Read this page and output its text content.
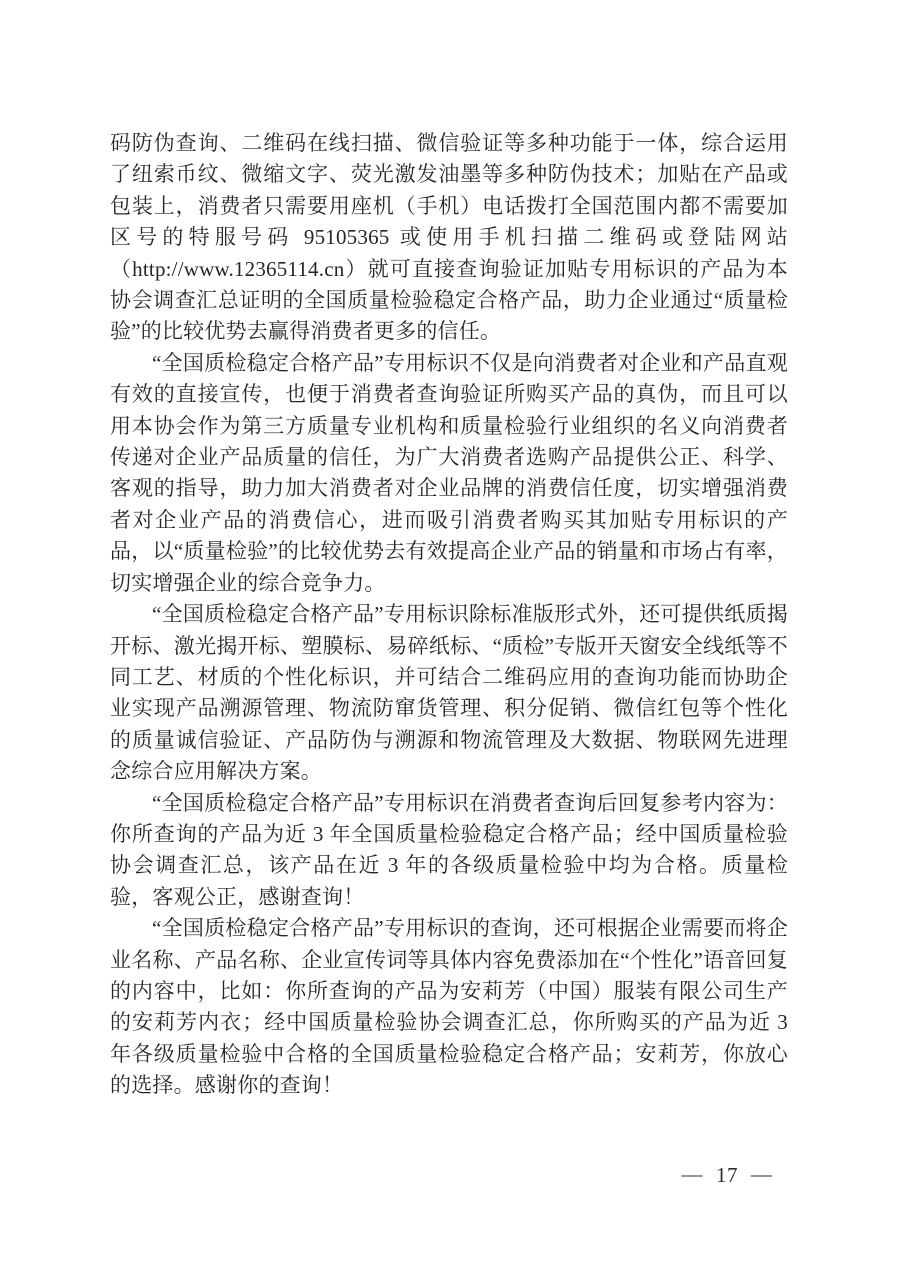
码防伪查询、二维码在线扫描、微信验证等多种功能于一体，综合运用了纽索币纹、微缩文字、荧光激发油墨等多种防伪技术；加贴在产品或包装上，消费者只需要用座机（手机）电话拨打全国范围内都不需要加区号的特服号码 95105365 或使用手机扫描二维码或登陆网站（http://www.12365114.cn）就可直接查询验证加贴专用标识的产品为本协会调查汇总证明的全国质量检验稳定合格产品，助力企业通过“质量检验”的比较优势去赢得消费者更多的信任。

“全国质检稳定合格产品”专用标识不仅是向消费者对企业和产品直观有效的直接宣传，也便于消费者查询验证所购买产品的真伪，而且可以用本协会作为第三方质量专业机构和质量检验行业组织的名义向消费者传递对企业产品质量的信任，为广大消费者选购产品提供公正、科学、客观的指导，助力加大消费者对企业品牌的消费信任度，切实增强消费者对企业产品的消费信心，进而吸引消费者购买其加贴专用标识的产品，以“质量检验”的比较优势去有效提高企业产品的销量和市场占有率，切实增强企业的综合竞争力。

“全国质检稳定合格产品”专用标识除标准版形式外，还可提供纸质揭开标、激光揭开标、塑膜标、易碎纸标、“质检”专版开天窗安全线纸等不同工艺、材质的个性化标识，并可结合二维码应用的查询功能而协助企业实现产品溯源管理、物流防窜货管理、积分促销、微信红包等个性化的质量诚信验证、产品防伪与溯源和物流管理及大数据、物联网先进理念综合应用解决方案。

“全国质检稳定合格产品”专用标识在消费者查询后回复参考内容为：你所查询的产品为近 3 年全国质量检验稳定合格产品；经中国质量检验协会调查汇总，该产品在近 3 年的各级质量检验中均为合格。质量检验，客观公正，感谢查询！

“全国质检稳定合格产品”专用标识的查询，还可根据企业需要而将企业名称、产品名称、企业宣传词等具体内容免费添加在“个性化”语音回复的内容中，比如：你所查询的产品为安莉芳（中国）服装有限公司生产的安莉芳内衣；经中国质量检验协会调查汇总，你所购买的产品为近 3 年各级质量检验中合格的全国质量检验稳定合格产品；安莉芳，你放心的选择。感谢你的查询！

— 17 —
